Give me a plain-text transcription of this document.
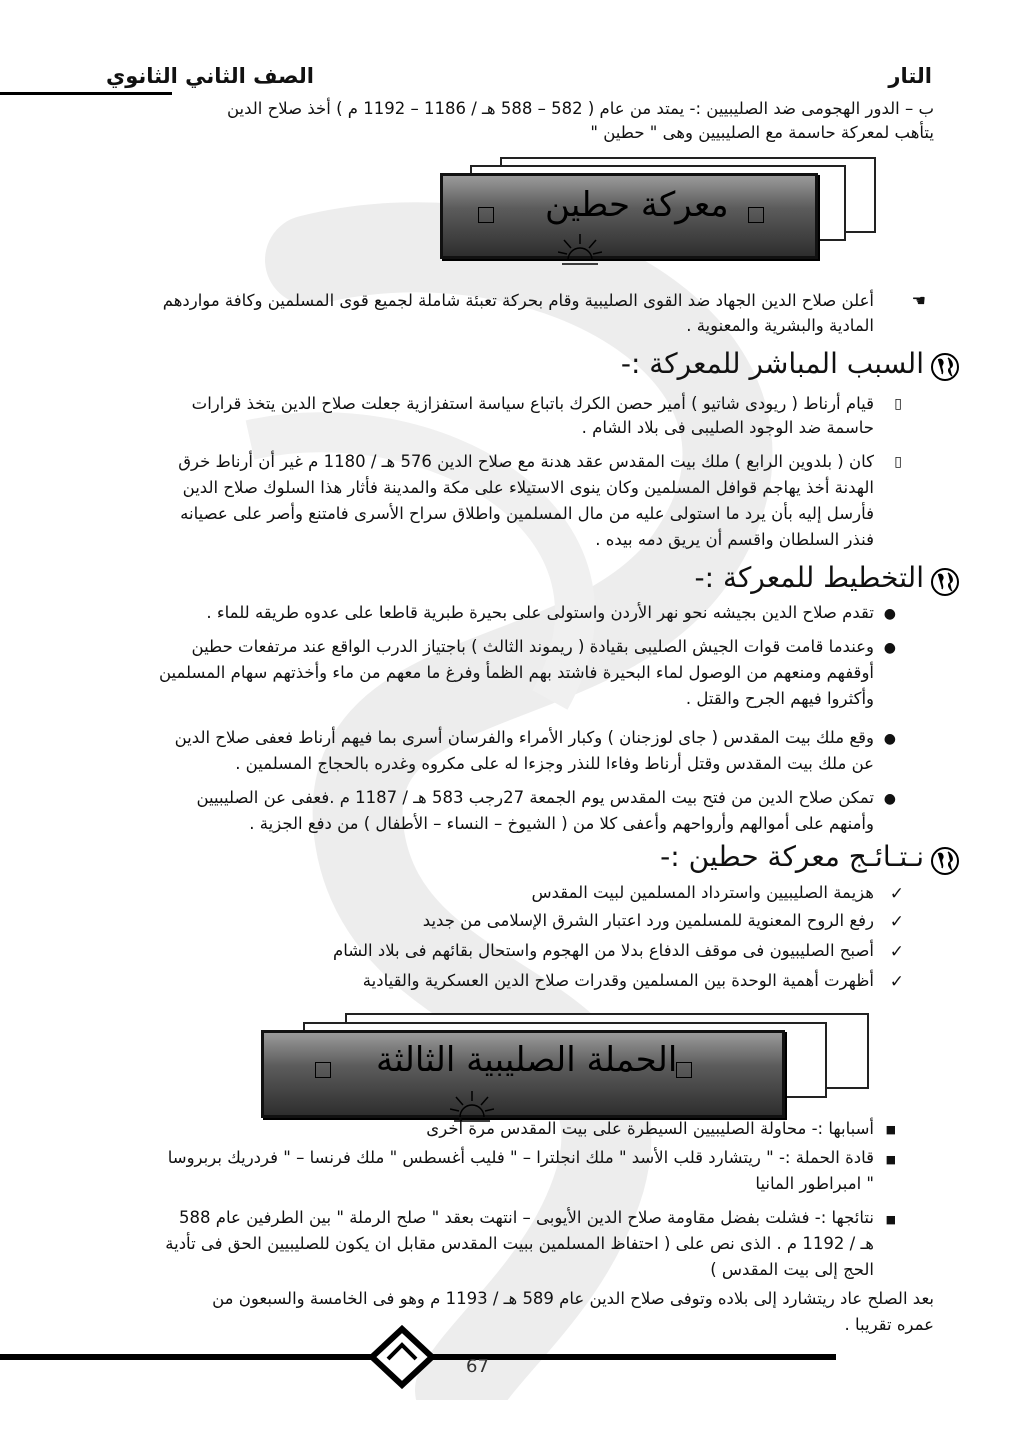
التار
الصف الثاني الثانوي
ب – الدور الهجومى ضد الصليبيين :- يمتد من عام ( 582 – 588 هـ / 1186 – 1192 م ) أخذ صلاح الدين
يتأهب لمعركة حاسمة مع الصليبيين وهى " حطين "
معركة حطين
☚
أعلن صلاح الدين الجهاد ضد القوى الصليبية وقام بحركة تعبئة شاملة لجميع قوى المسلمين وكافة مواردهم
المادية والبشرية والمعنوية .
السبب المباشر للمعركة :-
▯
قيام أرناط ( ريودى شاتيو ) أمير حصن الكرك باتباع سياسة استفزازية جعلت صلاح الدين يتخذ قرارات
حاسمة ضد الوجود الصليبى فى بلاد الشام .
▯
كان ( بلدوين الرابع ) ملك بيت المقدس عقد هدنة مع صلاح الدين 576 هـ / 1180 م غير أن أرناط خرق
الهدنة أخذ يهاجم قوافل المسلمين وكان ينوى الاستيلاء على مكة والمدينة فأثار هذا السلوك صلاح الدين
فأرسل إليه بأن يرد ما استولى عليه من مال المسلمين واطلاق سراح الأسرى فامتنع وأصر على عصيانه
فنذر السلطان واقسم أن يريق دمه بيده .
التخطيط للمعركة :-
●
تقدم صلاح الدين بجيشه نحو نهر الأردن واستولى على بحيرة طبرية قاطعا على عدوه طريقه للماء .
●
وعندما قامت قوات الجيش الصليبى بقيادة ( ريموند الثالث ) باجتياز الدرب الواقع عند مرتفعات حطين
أوقفهم ومنعهم من الوصول لماء البحيرة فاشتد بهم الظمأ وفرغ ما معهم من ماء وأخذتهم سهام المسلمين
وأكثروا فيهم الجرح والقتل .
●
وقع ملك بيت المقدس ( جاى لوزجنان ) وكبار الأمراء والفرسان أسرى بما فيهم أرناط فعفى صلاح الدين
عن ملك بيت المقدس وقتل أرناط وفاءا للنذر وجزءا له على مكروه وغدره بالحجاج المسلمين .
●
تمكن صلاح الدين من فتح بيت المقدس يوم الجمعة 27رجب 583 هـ / 1187 م .فعفى عن الصليبيين
وأمنهم على أموالهم وأرواحهم وأعفى كلا من ( الشيوخ – النساء – الأطفال ) من دفع الجزية .
نـتـائـج معركة حطين :-
✓
هزيمة الصليبيين واسترداد المسلمين لبيت المقدس
✓
رفع الروح المعنوية للمسلمين ورد اعتبار الشرق الإسلامى من جديد
✓
أصبح الصليبيون فى موقف الدفاع بدلا من الهجوم واستحال بقائهم فى بلاد الشام
✓
أظهرت أهمية الوحدة بين المسلمين وقدرات صلاح الدين العسكرية والقيادية
الحملة الصليبية الثالثة
■
أسبابها :- محاولة الصليبيين السيطرة على بيت المقدس مرة أخرى
■
قادة الحملة :- " ريتشارد قلب الأسد " ملك انجلترا – " فليب أغسطس " ملك فرنسا – " فردريك بربروسا
" امبراطور المانيا
■
نتائجها :- فشلت بفضل مقاومة صلاح الدين الأيوبى – انتهت بعقد " صلح الرملة " بين الطرفين عام 588
هـ / 1192 م . الذى نص على ( احتفاظ المسلمين ببيت المقدس مقابل ان يكون للصليبيين الحق فى تأدية
الحج إلى بيت المقدس )
بعد الصلح عاد ريتشارد إلى بلاده وتوفى صلاح الدين عام 589 هـ / 1193 م وهو فى الخامسة والسبعون من
عمره تقريبا .
67
